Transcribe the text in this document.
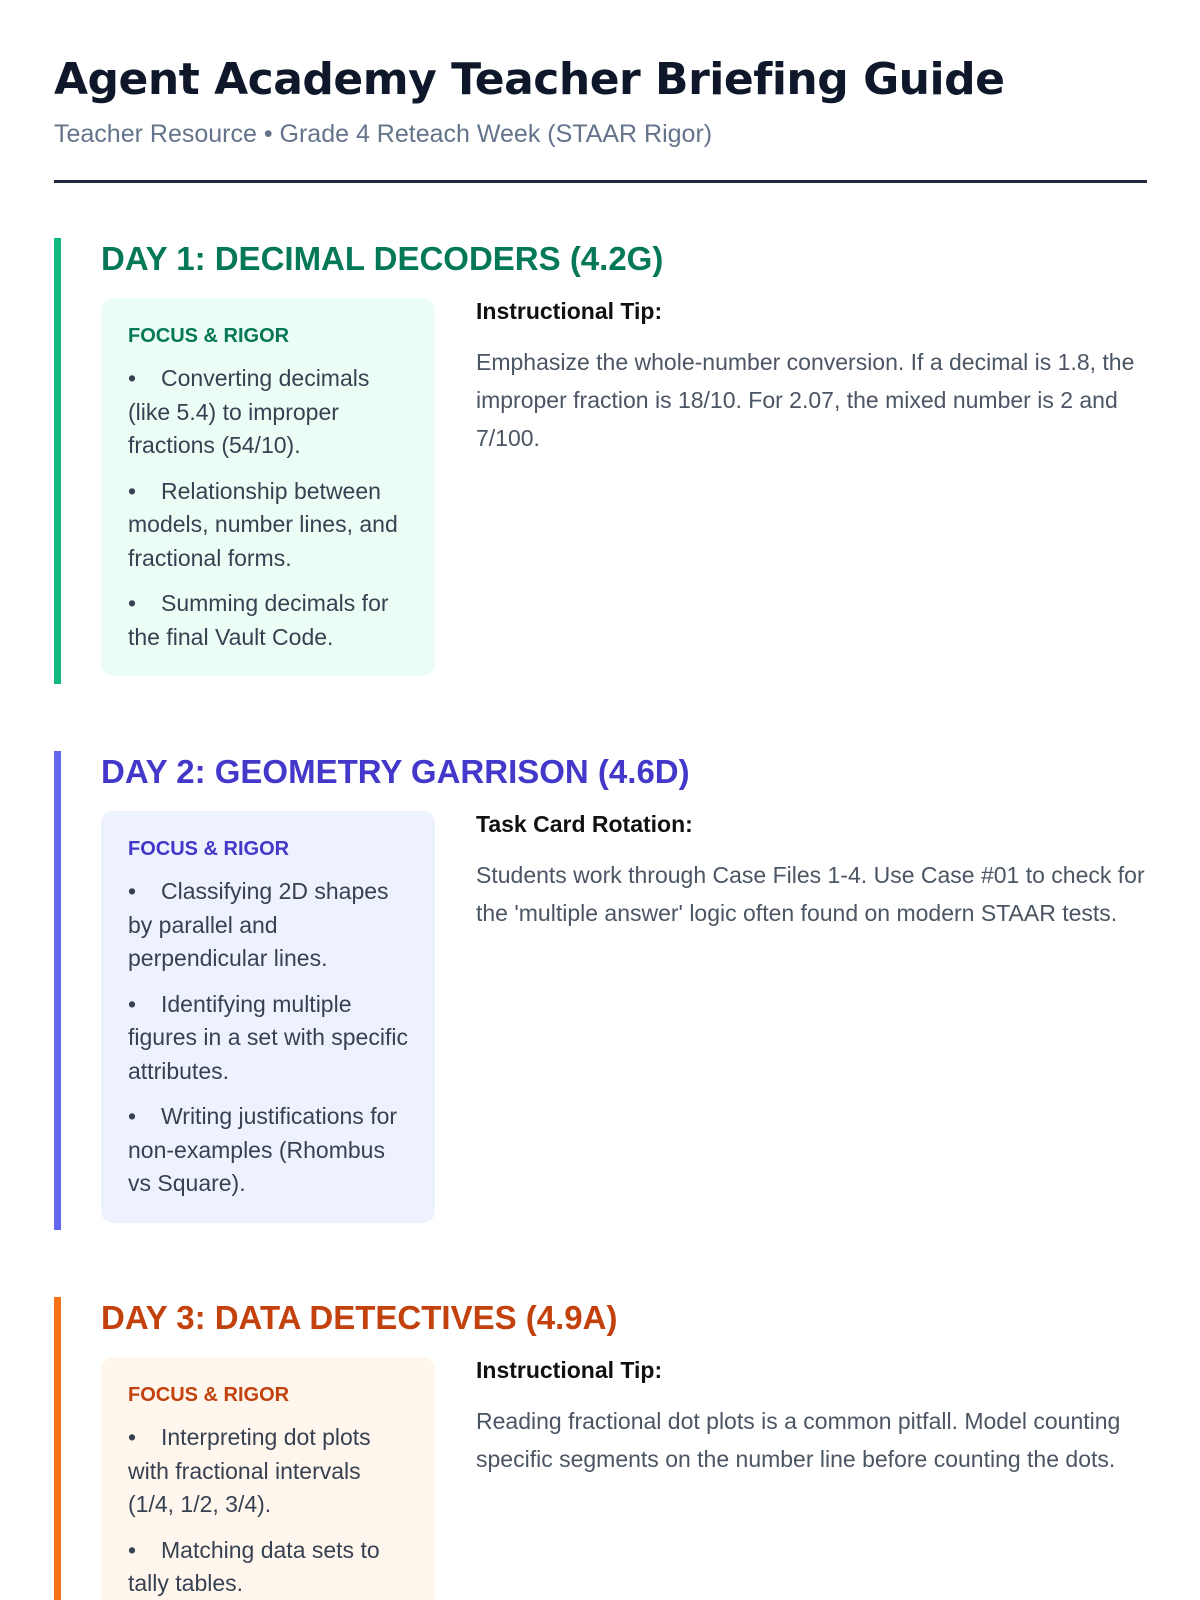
Agent Academy Teacher Briefing Guide

Teacher Resource • Grade 4 Reteach Week (STAAR Rigor)

DAY 1: DECIMAL DECODERS (4.2G)
FOCUS & RIGOR
• Converting decimals (like 5.4) to improper fractions (54/10).
• Relationship between models, number lines, and fractional forms.
• Summing decimals for the final Vault Code.
Instructional Tip:

Emphasize the whole-number conversion. If a decimal is 1.8, the improper fraction is 18/10. For 2.07, the mixed number is 2 and 7/100.

DAY 2: GEOMETRY GARRISON (4.6D)
FOCUS & RIGOR
• Classifying 2D shapes by parallel and perpendicular lines.
• Identifying multiple figures in a set with specific attributes.
• Writing justifications for non-examples (Rhombus vs Square).
Task Card Rotation:

Students work through Case Files 1-4. Use Case #01 to check for the 'multiple answer' logic often found on modern STAAR tests.

DAY 3: DATA DETECTIVES (4.9A)
FOCUS & RIGOR
• Interpreting dot plots with fractional intervals (1/4, 1/2, 3/4).
• Matching data sets to tally tables.
Instructional Tip:

Reading fractional dot plots is a common pitfall. Model counting specific segments on the number line before counting the dots.
